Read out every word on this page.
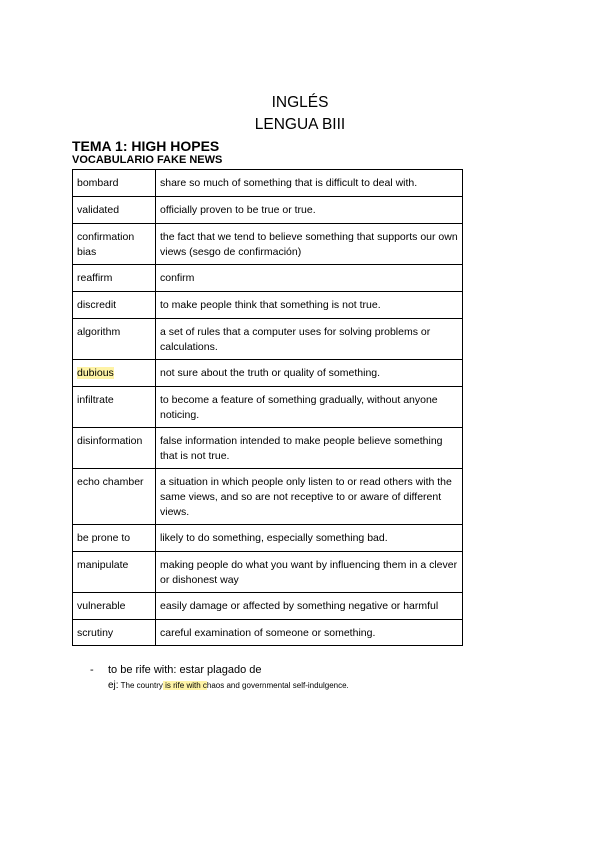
INGLÉS
LENGUA BIII
TEMA 1: HIGH HOPES
VOCABULARIO FAKE NEWS
bombard	share so much of something that is difficult to deal with.
validated	officially proven to be true or true.
confirmation bias	the fact that we tend to believe something that supports our own views (sesgo de confirmación)
reaffirm	confirm
discredit	to make people think that something is not true.
algorithm	a set of rules that a computer uses for solving problems or calculations.
dubious	not sure about the truth or quality of something.
infiltrate	to become a feature of something gradually, without anyone noticing.
disinformation	false information intended to make people believe something that is not true.
echo chamber	a situation in which people only listen to or read others with the same views, and so are not receptive to or aware of different views.
be prone to	likely to do something, especially something bad.
manipulate	making people do what you want by influencing them in a clever or dishonest way
vulnerable	easily damage or affected by something negative or harmful
scrutiny	careful examination of someone or something.
- to be rife with: estar plagado de
ej: The country is rife with chaos and governmental self-indulgence.
